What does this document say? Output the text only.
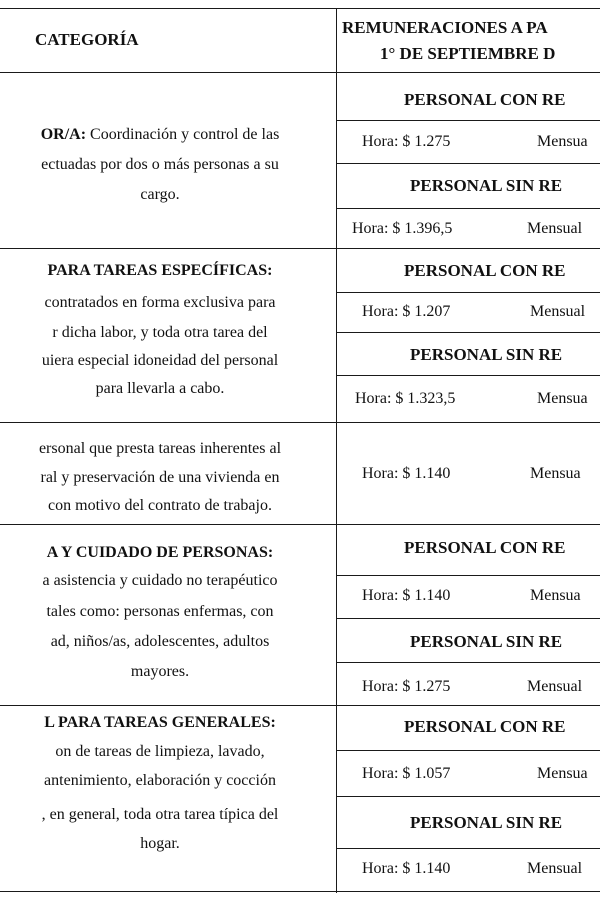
CATEGORÍA
REMUNERACIONES A PA
1° DE SEPTIEMBRE D
OR/A: Coordinación y control de las
ectuadas por dos o más personas a su
cargo.
PERSONAL CON RE
Hora: $ 1.275	Mensua
PERSONAL SIN RE
Hora: $ 1.396,5	Mensual
PARA TAREAS ESPECÍFICAS:
contratados en forma exclusiva para
r dicha labor, y toda otra tarea del
uiera especial idoneidad del personal
para llevarla a cabo.
PERSONAL CON RE
Hora: $ 1.207	Mensual
PERSONAL SIN RE
Hora: $ 1.323,5	Mensua
ersonal que presta tareas inherentes al
ral y preservación de una vivienda en
con motivo del contrato de trabajo.
Hora: $ 1.140	Mensua
A Y CUIDADO DE PERSONAS:
a asistencia y cuidado no terapéutico
tales como: personas enfermas, con
ad, niños/as, adolescentes, adultos
mayores.
PERSONAL CON RE
Hora: $ 1.140	Mensua
PERSONAL SIN RE
Hora: $ 1.275	Mensual
L PARA TAREAS GENERALES:
on de tareas de limpieza, lavado,
antenimiento, elaboración y cocción
, en general, toda otra tarea típica del
hogar.
PERSONAL CON RE
Hora: $ 1.057	Mensua
PERSONAL SIN RE
Hora: $ 1.140	Mensual
